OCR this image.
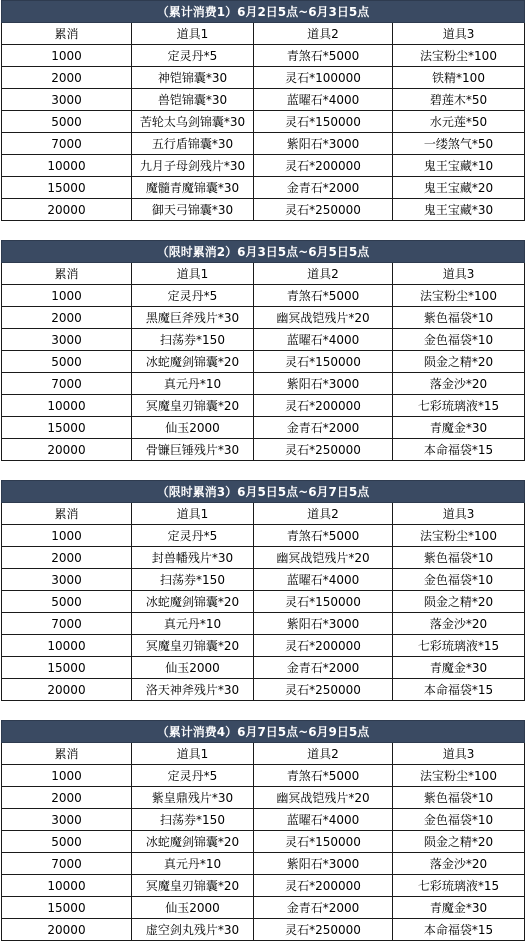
（累计消费1）6月2日5点~6月3日5点			
累消	道具1	道具2	道具3
1000	定灵丹*5	青煞石*5000	法宝粉尘*100
2000	神铠锦囊*30	灵石*100000	铁精*100
3000	兽铠锦囊*30	蓝曜石*4000	碧莲木*50
5000	苦轮太乌剑锦囊*30	灵石*150000	水元莲*50
7000	五行盾锦囊*30	紫阳石*3000	一缕煞气*50
10000	九月子母剑残片*30	灵石*200000	鬼王宝藏*10
15000	魔髓青魔锦囊*30	金青石*2000	鬼王宝藏*20
20000	御天弓锦囊*30	灵石*250000	鬼王宝藏*30
（限时累消2）6月3日5点~6月5日5点			
累消	道具1	道具2	道具3
1000	定灵丹*5	青煞石*5000	法宝粉尘*100
2000	黑魔巨斧残片*30	幽冥战铠残片*20	紫色福袋*10
3000	扫荡券*150	蓝曜石*4000	金色福袋*10
5000	冰蛇魔剑锦囊*20	灵石*150000	陨金之精*20
7000	真元丹*10	紫阳石*3000	落金沙*20
10000	冥魔皇刃锦囊*20	灵石*200000	七彩琉璃液*15
15000	仙玉2000	金青石*2000	青魔金*30
20000	骨镰巨锤残片*30	灵石*250000	本命福袋*15
（限时累消3）6月5日5点~6月7日5点			
累消	道具1	道具2	道具3
1000	定灵丹*5	青煞石*5000	法宝粉尘*100
2000	封兽幡残片*30	幽冥战铠残片*20	紫色福袋*10
3000	扫荡券*150	蓝曜石*4000	金色福袋*10
5000	冰蛇魔剑锦囊*20	灵石*150000	陨金之精*20
7000	真元丹*10	紫阳石*3000	落金沙*20
10000	冥魔皇刃锦囊*20	灵石*200000	七彩琉璃液*15
15000	仙玉2000	金青石*2000	青魔金*30
20000	洛天神斧残片*30	灵石*250000	本命福袋*15
（累计消费4）6月7日5点~6月9日5点			
累消	道具1	道具2	道具3
1000	定灵丹*5	青煞石*5000	法宝粉尘*100
2000	紫皇鼎残片*30	幽冥战铠残片*20	紫色福袋*10
3000	扫荡券*150	蓝曜石*4000	金色福袋*10
5000	冰蛇魔剑锦囊*20	灵石*150000	陨金之精*20
7000	真元丹*10	紫阳石*3000	落金沙*20
10000	冥魔皇刃锦囊*20	灵石*200000	七彩琉璃液*15
15000	仙玉2000	金青石*2000	青魔金*30
20000	虚空剑丸残片*30	灵石*250000	本命福袋*15
